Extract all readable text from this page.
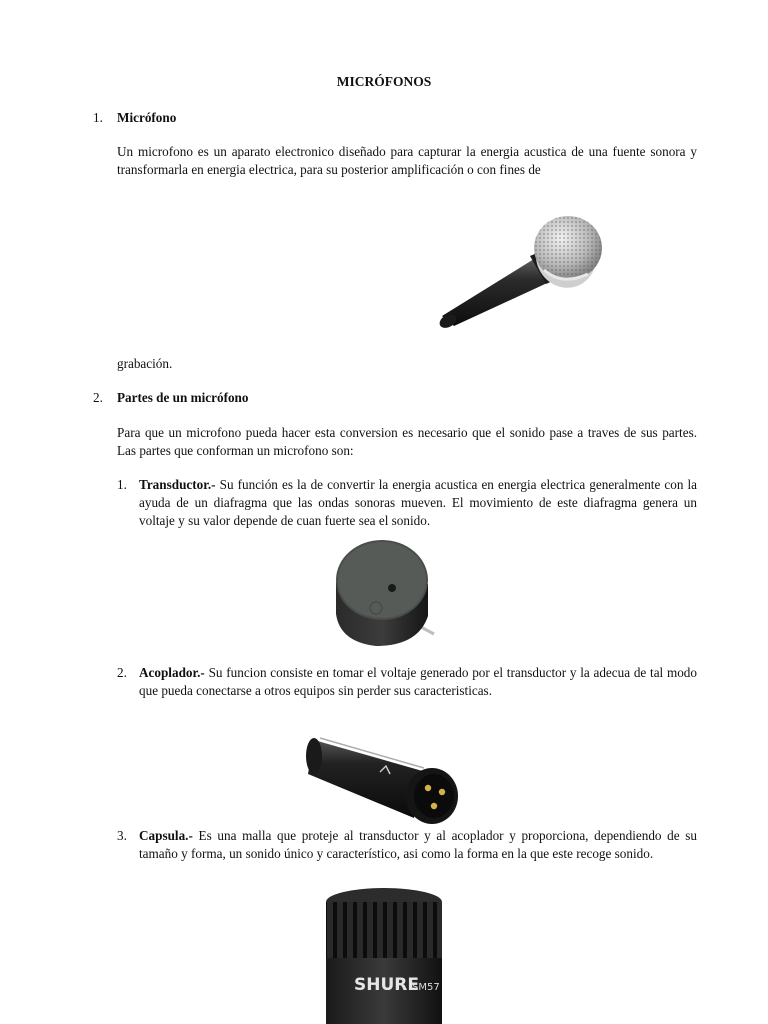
MICRÓFONOS
1. Micrófono
Un microfono es un aparato electronico diseñado para capturar la energia acustica de una fuente sonora y transformarla en energia electrica, para su posterior amplificación o con fines de
grabación.
2. Partes de un micrófono
Para que un microfono pueda hacer esta conversion es necesario que el sonido pase a traves de sus partes. Las partes que conforman un microfono son:
1. Transductor.- Su función es la de convertir la energia acustica en energia electrica generalmente con la ayuda de un diafragma que las ondas sonoras mueven. El movimiento de este diafragma genera un voltaje y su valor depende de cuan fuerte sea el sonido.
2. Acoplador.- Su funcion consiste en tomar el voltaje generado por el transductor y la adecua de tal modo que pueda conectarse a otros equipos sin perder sus caracteristicas.
3. Capsula.- Es una malla que proteje al transductor y al acoplador y proporciona, dependiendo de su tamaño y forma, un sonido único y característico, asi como la forma en la que este recoge sonido.
SHURE
SM57
